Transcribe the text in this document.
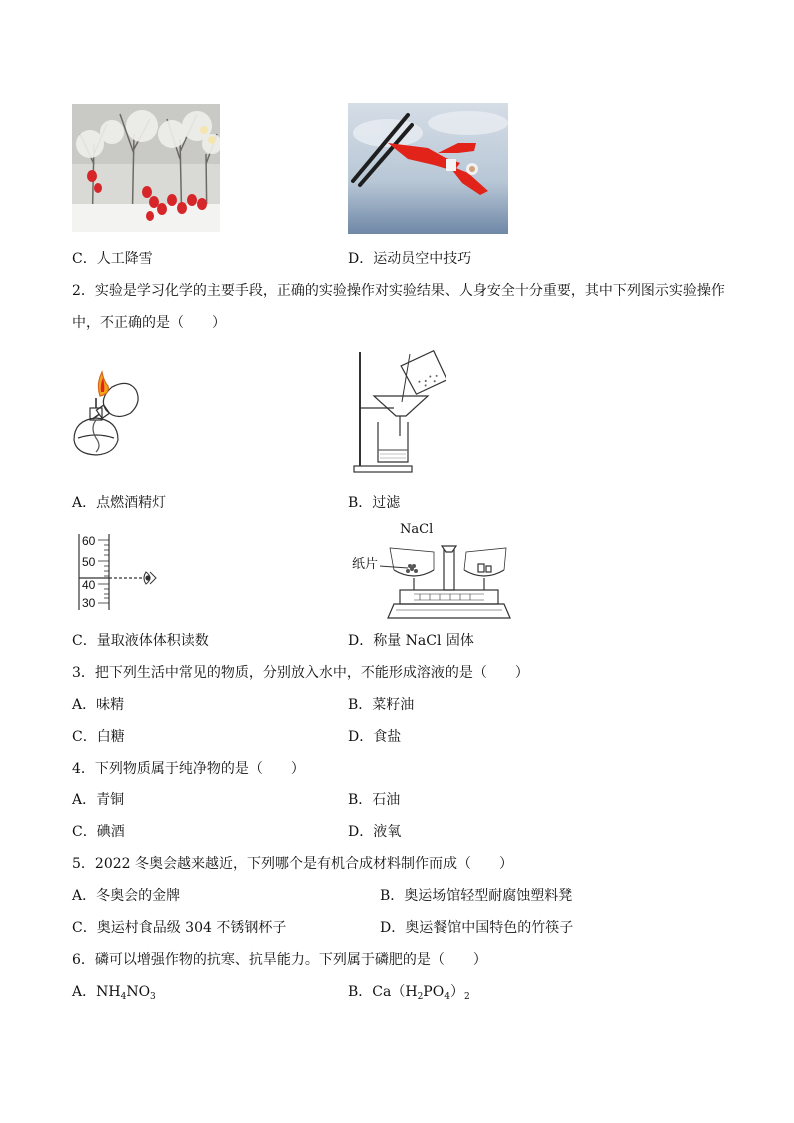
C．人工降雪	D．运动员空中技巧
2．实验是学习化学的主要手段，正确的实验操作对实验结果、人身安全十分重要，其中下列图示实验操作
中，不正确的是（　　）
A．点燃酒精灯	B．过滤
60
50
40
30
NaCl
纸片
C．量取液体体积读数	D．称量 NaCl 固体
3．把下列生活中常见的物质，分别放入水中，不能形成溶液的是（　　）
A．味精	B．菜籽油
C．白糖	D．食盐
4．下列物质属于纯净物的是（　　）
A．青铜	B．石油
C．碘酒	D．液氧
5．2022 冬奥会越来越近，下列哪个是有机合成材料制作而成（　　）
A．冬奥会的金牌	B．奥运场馆轻型耐腐蚀塑料凳
C．奥运村食品级 304 不锈钢杯子	D．奥运餐馆中国特色的竹筷子
6．磷可以增强作物的抗寒、抗旱能力。下列属于磷肥的是（　　）
A．$NH_4NO_3$	B．$Ca(H_2PO_4)_2$
